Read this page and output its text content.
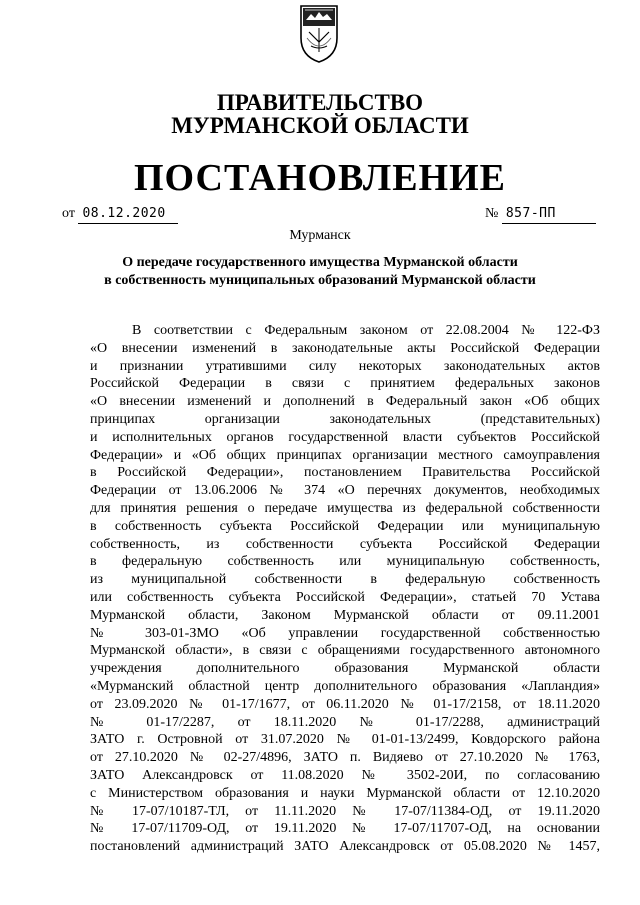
ПРАВИТЕЛЬСТВО
МУРМАНСКОЙ ОБЛАСТИ
ПОСТАНОВЛЕНИЕ
от 08.12.2020	№ 857-ПП
Мурманск
О передаче государственного имущества Мурманской области
в собственность муниципальных образований Мурманской области
В соответствии с Федеральным законом от 22.08.2004 № 122-ФЗ
«О внесении изменений в законодательные акты Российской Федерации
и признании утратившими силу некоторых законодательных актов
Российской Федерации в связи с принятием федеральных законов
«О внесении изменений и дополнений в Федеральный закон «Об общих
принципах организации законодательных (представительных)
и исполнительных органов государственной власти субъектов Российской
Федерации» и «Об общих принципах организации местного самоуправления
в Российской Федерации», постановлением Правительства Российской
Федерации от 13.06.2006 № 374 «О перечнях документов, необходимых
для принятия решения о передаче имущества из федеральной собственности
в собственность субъекта Российской Федерации или муниципальную
собственность, из собственности субъекта Российской Федерации
в федеральную собственность или муниципальную собственность,
из муниципальной собственности в федеральную собственность
или собственность субъекта Российской Федерации», статьей 70 Устава
Мурманской области, Законом Мурманской области от 09.11.2001
№ 303-01-ЗМО «Об управлении государственной собственностью
Мурманской области», в связи с обращениями государственного автономного
учреждения дополнительного образования Мурманской области
«Мурманский областной центр дополнительного образования «Лапландия»
от 23.09.2020 № 01-17/1677, от 06.11.2020 № 01-17/2158, от 18.11.2020
№ 01-17/2287, от 18.11.2020 № 01-17/2288, администраций
ЗАТО г. Островной от 31.07.2020 № 01-01-13/2499, Ковдорского района
от 27.10.2020 № 02-27/4896, ЗАТО п. Видяево от 27.10.2020 № 1763,
ЗАТО Александровск от 11.08.2020 № 3502-20И, по согласованию
с Министерством образования и науки Мурманской области от 12.10.2020
№ 17-07/10187-ТЛ, от 11.11.2020 № 17-07/11384-ОД, от 19.11.2020
№ 17-07/11709-ОД, от 19.11.2020 № 17-07/11707-ОД, на основании
постановлений администраций ЗАТО Александровск от 05.08.2020 № 1457,
